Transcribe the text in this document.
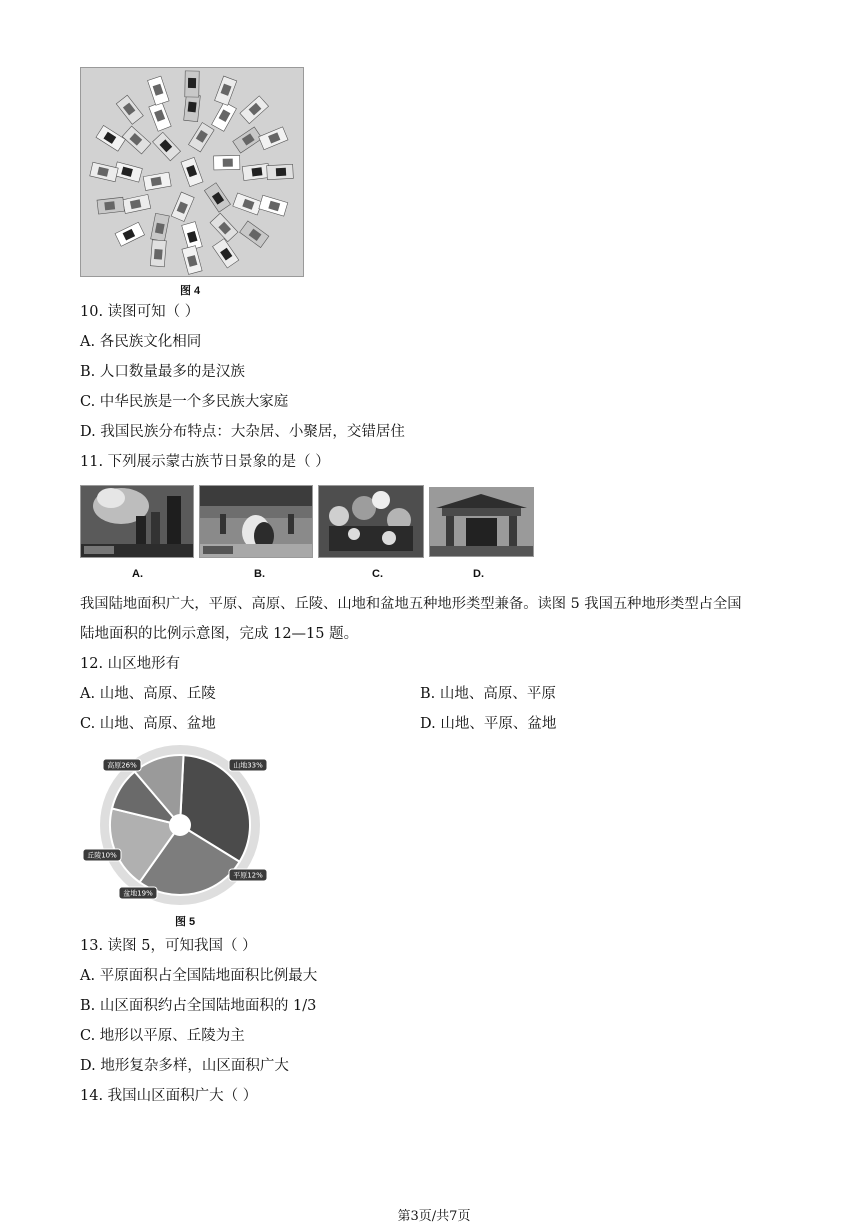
图 4
10. 读图可知（ ）
A. 各民族文化相同
B. 人口数量最多的是汉族
C. 中华民族是一个多民族大家庭
D. 我国民族分布特点：大杂居、小聚居，交错居住
11. 下列展示蒙古族节日景象的是（ ）
A.	B.	C.	D.
我国陆地面积广大，平原、高原、丘陵、山地和盆地五种地形类型兼备。读图 5 我国五种地形类型占全国
陆地面积的比例示意图，完成 12—15 题。
12. 山区地形有
A. 山地、高原、丘陵	B. 山地、高原、平原
C. 山地、高原、盆地	D. 山地、平原、盆地
山地33%
高原26%
盆地19%
丘陵10%
平原12%
图 5
13. 读图 5，可知我国（ ）
A. 平原面积占全国陆地面积比例最大
B. 山区面积约占全国陆地面积的 1/3
C. 地形以平原、丘陵为主
D. 地形复杂多样，山区面积广大
14. 我国山区面积广大（ ）
第3页/共7页
